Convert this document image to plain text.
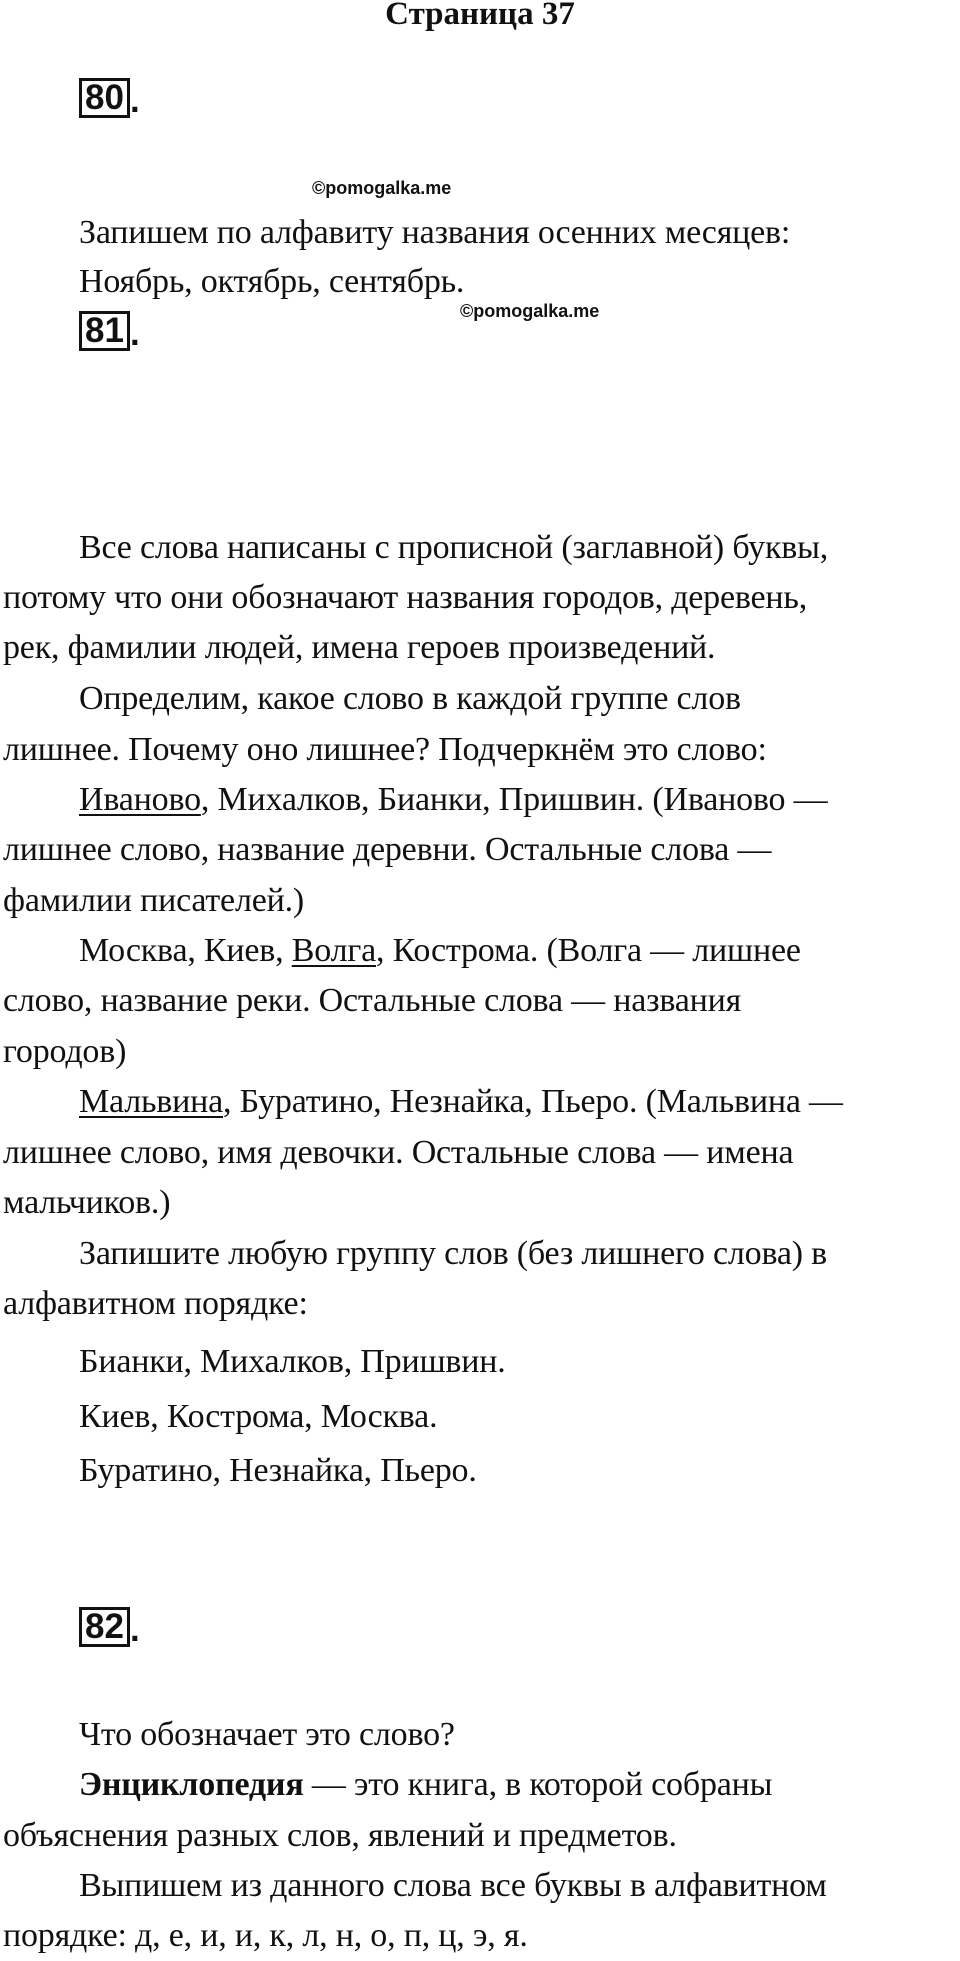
Страница 37
80 .
©pomogalka.me
Запишем по алфавиту названия осенних месяцев:
Ноябрь, октябрь, сентябрь.
©pomogalka.me
81 .
Все слова написаны с прописной (заглавной) буквы,
потому что они обозначают названия городов, деревень,
рек, фамилии людей, имена героев произведений.
Определим, какое слово в каждой группе слов
лишнее. Почему оно лишнее? Подчеркнём это слово:
Иваново, Михалков, Бианки, Пришвин. (Иваново —
лишнее слово, название деревни. Остальные слова —
фамилии писателей.)
Москва, Киев, Волга, Кострома. (Волга — лишнее
слово, название реки. Остальные слова — названия
городов)
Мальвина, Буратино, Незнайка, Пьеро. (Мальвина —
лишнее слово, имя девочки. Остальные слова — имена
мальчиков.)
Запишите любую группу слов (без лишнего слова) в
алфавитном порядке:
Бианки, Михалков, Пришвин.
Киев, Кострома, Москва.
Буратино, Незнайка, Пьеро.
82 .
Что обозначает это слово?
Энциклопедия — это книга, в которой собраны
объяснения разных слов, явлений и предметов.
Выпишем из данного слова все буквы в алфавитном
порядке: д, е, и, и, к, л, н, о, п, ц, э, я.
